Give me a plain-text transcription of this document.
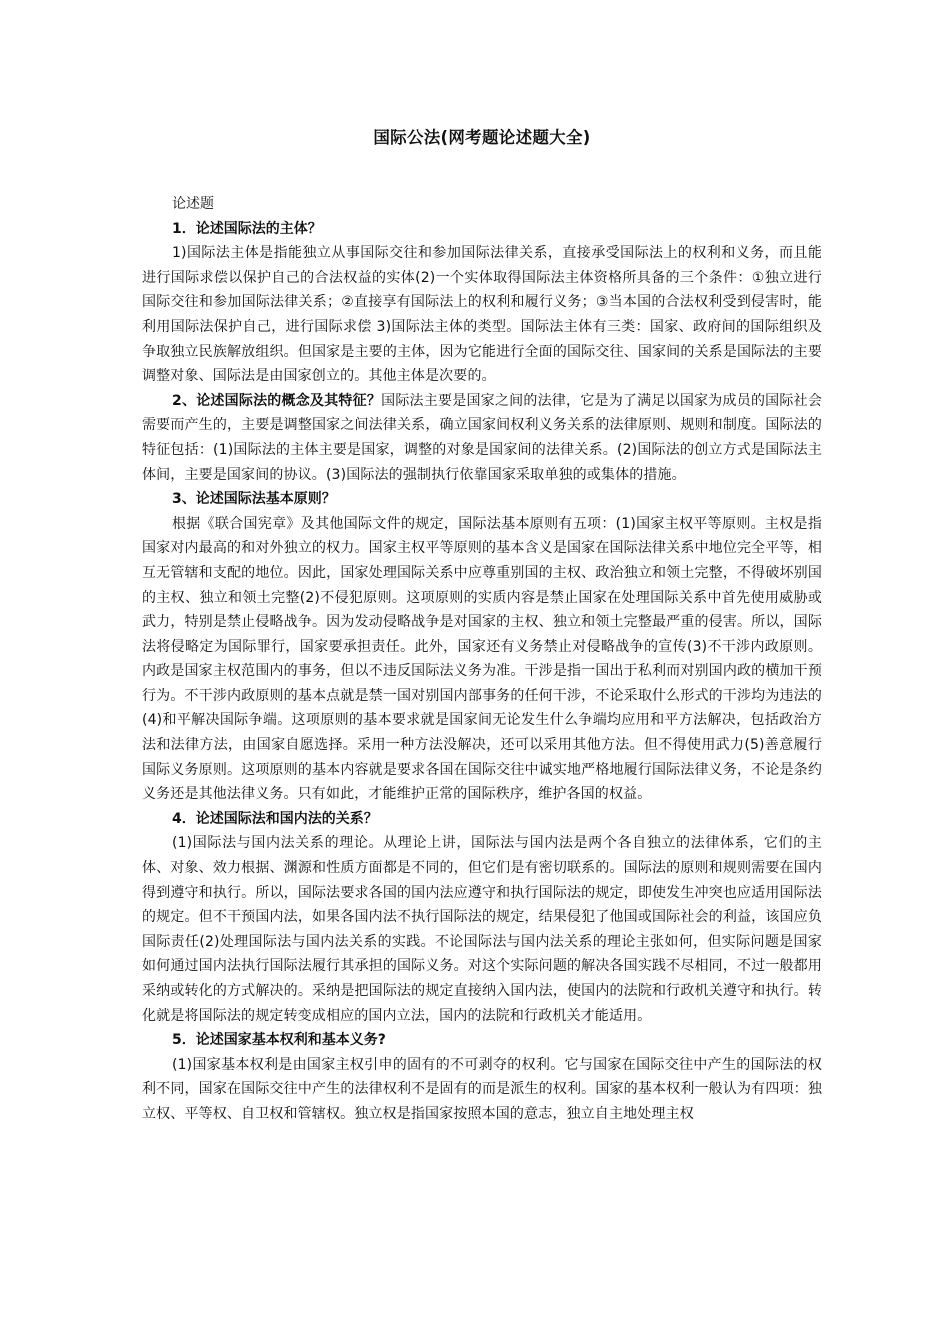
国际公法(网考题论述题大全)

论述题

1．论述国际法的主体？

1)国际法主体是指能独立从事国际交往和参加国际法律关系，直接承受国际法上的权利和义务，而且能进行国际求偿以保护自己的合法权益的实体(2)一个实体取得国际法主体资格所具备的三个条件：①独立进行国际交往和参加国际法律关系；②直接享有国际法上的权利和履行义务；③当本国的合法权利受到侵害时，能利用国际法保护自己，进行国际求偿 3)国际法主体的类型。国际法主体有三类：国家、政府间的国际组织及争取独立民族解放组织。但国家是主要的主体，因为它能进行全面的国际交往、国家间的关系是国际法的主要调整对象、国际法是由国家创立的。其他主体是次要的。

2、论述国际法的概念及其特征？国际法主要是国家之间的法律，它是为了满足以国家为成员的国际社会需要而产生的，主要是调整国家之间法律关系，确立国家间权利义务关系的法律原则、规则和制度。国际法的特征包括：(1)国际法的主体主要是国家，调整的对象是国家间的法律关系。(2)国际法的创立方式是国际法主体间，主要是国家间的协议。(3)国际法的强制执行依靠国家采取单独的或集体的措施。

3、论述国际法基本原则？

根据《联合国宪章》及其他国际文件的规定，国际法基本原则有五项：(1)国家主权平等原则。主权是指国家对内最高的和对外独立的权力。国家主权平等原则的基本含义是国家在国际法律关系中地位完全平等，相互无管辖和支配的地位。因此，国家处理国际关系中应尊重别国的主权、政治独立和领土完整，不得破坏别国的主权、独立和领土完整(2)不侵犯原则。这项原则的实质内容是禁止国家在处理国际关系中首先使用威胁或武力，特别是禁止侵略战争。因为发动侵略战争是对国家的主权、独立和领土完整最严重的侵害。所以，国际法将侵略定为国际罪行，国家要承担责任。此外，国家还有义务禁止对侵略战争的宣传(3)不干涉内政原则。内政是国家主权范围内的事务，但以不违反国际法义务为准。干涉是指一国出于私利而对别国内政的横加干预行为。不干涉内政原则的基本点就是禁一国对别国内部事务的任何干涉，不论采取什么形式的干涉均为违法的(4)和平解决国际争端。这项原则的基本要求就是国家间无论发生什么争端均应用和平方法解决，包括政治方法和法律方法，由国家自愿选择。采用一种方法没解决，还可以采用其他方法。但不得使用武力(5)善意履行国际义务原则。这项原则的基本内容就是要求各国在国际交往中诚实地严格地履行国际法律义务，不论是条约义务还是其他法律义务。只有如此，才能维护正常的国际秩序，维护各国的权益。

4．论述国际法和国内法的关系？

(1)国际法与国内法关系的理论。从理论上讲，国际法与国内法是两个各自独立的法律体系，它们的主体、对象、效力根据、渊源和性质方面都是不同的，但它们是有密切联系的。国际法的原则和规则需要在国内得到遵守和执行。所以，国际法要求各国的国内法应遵守和执行国际法的规定，即使发生冲突也应适用国际法的规定。但不干预国内法，如果各国内法不执行国际法的规定，结果侵犯了他国或国际社会的利益，该国应负国际责任(2)处理国际法与国内法关系的实践。不论国际法与国内法关系的理论主张如何，但实际问题是国家如何通过国内法执行国际法履行其承担的国际义务。对这个实际问题的解决各国实践不尽相同，不过一般都用采纳或转化的方式解决的。采纳是把国际法的规定直接纳入国内法，使国内的法院和行政机关遵守和执行。转化就是将国际法的规定转变成相应的国内立法，国内的法院和行政机关才能适用。

5．论述国家基本权利和基本义务?

(1)国家基本权利是由国家主权引申的固有的不可剥夺的权利。它与国家在国际交往中产生的国际法的权利不同，国家在国际交往中产生的法律权利不是固有的而是派生的权利。国家的基本权利一般认为有四项：独立权、平等权、自卫权和管辖权。独立权是指国家按照本国的意志，独立自主地处理主权
